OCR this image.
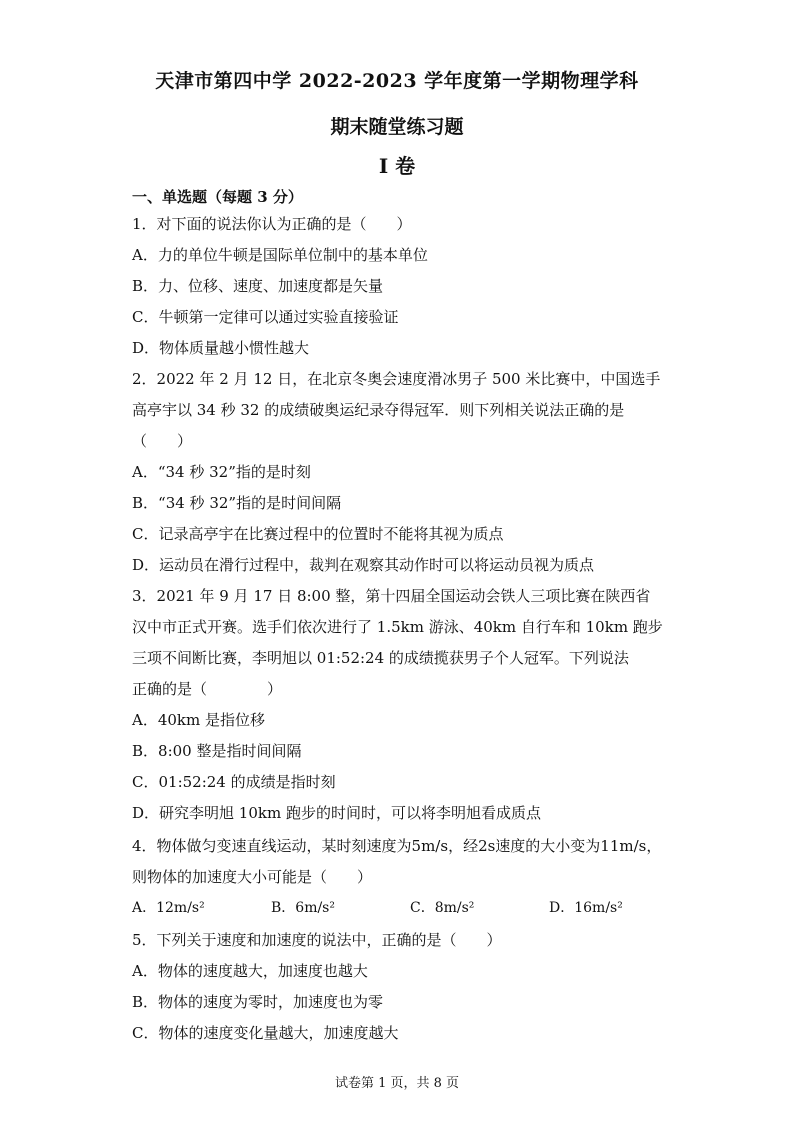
天津市第四中学 2022-2023 学年度第一学期物理学科
期末随堂练习题
I 卷
一、单选题（每题 3 分）
1．对下面的说法你认为正确的是（　　）
A．力的单位牛顿是国际单位制中的基本单位
B．力、位移、速度、加速度都是矢量
C．牛顿第一定律可以通过实验直接验证
D．物体质量越小惯性越大
2．2022 年 2 月 12 日，在北京冬奥会速度滑冰男子 500 米比赛中，中国选手
高亭宇以 34 秒 32 的成绩破奥运纪录夺得冠军．则下列相关说法正确的是
（　　）
A．“34 秒 32”指的是时刻
B．“34 秒 32”指的是时间间隔
C．记录高亭宇在比赛过程中的位置时不能将其视为质点
D．运动员在滑行过程中，裁判在观察其动作时可以将运动员视为质点
3．2021 年 9 月 17 日 8:00 整，第十四届全国运动会铁人三项比赛在陕西省
汉中市正式开赛。选手们依次进行了 1.5km 游泳、40km 自行车和 10km 跑步
三项不间断比赛，李明旭以 01:52:24 的成绩揽获男子个人冠军。下列说法
正确的是（　　　　）
A．40km 是指位移
B．8:00 整是指时间间隔
C．01:52:24 的成绩是指时刻
D．研究李明旭 10km 跑步的时间时，可以将李明旭看成质点
4．物体做匀变速直线运动，某时刻速度为5m/s，经2s速度的大小变为11m/s，
则物体的加速度大小可能是（　　）
A．12m/s²	B．6m/s²	C．8m/s²	D．16m/s²
5．下列关于速度和加速度的说法中，正确的是（　　）
A．物体的速度越大，加速度也越大
B．物体的速度为零时，加速度也为零
C．物体的速度变化量越大，加速度越大
试卷第 1 页，共 8 页
